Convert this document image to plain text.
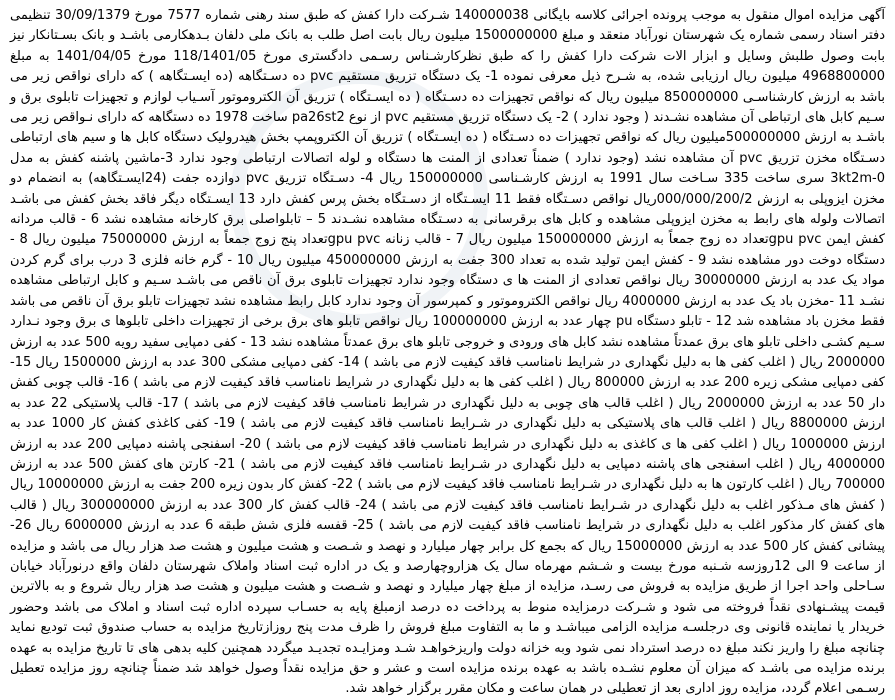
آگهی مزایده اموال منقول به موجب پرونده اجرائی کلاسه بایگانی 140000038 شـرکت دارا کفش که طبق سند رهنی شماره 7577 مورخ 30/09/1379 تنظیمی دفتر اسناد رسمی شماره یک شهرستان نورآباد منعقد و مبلغ 1500000000 میلیون ریال بابت اصل طلب به بانک ملی دلفان بـدهکارمی باشـد و بانک بسـتانکار نیز بابت وصول طلبش وسایل و ابزار الات شرکت دارا کفش را که طبق نظرکارشـناس رسـمی دادگستری مورخ 118/1401/05 مورخ 1401/04/05 به مبلغ 4968800000 میلیون ریال ارزیابی شده، به شـرح ذیل معرفی نموده 1- یک دستگاه تزریق مستقیم pvc ده دسـتگاهه (ده ایسـتگاهه ) که دارای نواقص زیر می باشد به ارزش کارشناسـی 850000000 میلیون ریال که نواقص تجهیزات ده دسـتگاه ( ده ایسـتگاه ) تزریق آن الکتروموتور آسـیاب لوازم و تجهیزات تابلوی برق و سـیم کابل های ارتباطی آن مشاهده نشـدند ( وجود ندارد ) 2- یک دستگاه تزریق مستقیم pvc از نوع pa26st2 ساخت 1978 ده دستگاهه که دارای نـواقص زیر می باشـد به ارزش 500000000میلیون ریال که نواقص تجهیزات ده دسـتگاه ( ده ایسـتگاه ) تزریق آن الکتروپمپ بخش هیدرولیک دستگاه کابل ها و سیم های ارتباطی دسـتگاه مخزن تزریق pvc آن مشاهده نشد (وجود ندارد ) ضمناً تعدادی از المنت ها دستگاه و لوله اتصالات ارتباطی وجود ندارد 3-ماشین پاشنه کفش به مدل 3kt2m-0 سری ساخت 335 سـاخت سال 1991 به ارزش کارشـناسی 150000000 ریال 4- دسـتگاه تزریق pvc دوازده جفت (24ایسـتگاهه) به انضمام دو مخزن ایزوپلی به ارزش 000/000/200/2ریال نواقص دسـتگاه فقط 11 ایسـتگاه از دسـتگاه بخش پرس کفش دارد 13 ایسـتگاه دیگر فاقد بخش کفش می باشـد اتصالات ولوله های رابط به مخزن ایزوپلی مشاهده و کابل های برقرسانی به دسـتگاه مشاهده نشـدند 5 – تابلواصلی برق کارخانه مشاهده نشد 6 - قالب مردانه کفش ایمن gpu pvcتعداد ده زوج جمعاً به ارزش 150000000 میلیون ریال 7 - قالب زنانه gpu pvcتعداد پنج زوج جمعاً به ارزش 75000000 میلیون ریال 8 - دستگاه دوخت دور مشاهده نشد 9 - کفش ایمن تولید شده به تعداد 300 جفت به ارزش 450000000 میلیون ریال 10 - گرم خانه فلزی 3 درب برای گرم کردن مواد یک عدد به ارزش 30000000 ریال نواقص تعدادی از المنت ها ی دستگاه وجود ندارد تجهیزات تابلوی برق آن ناقص می باشـد سـیم و کابل ارتباطی مشاهده نشـد 11 -مخزن باد یک عدد به ارزش 4000000 ریال نواقص الکتروموتور و کمپرسور آن وجود ندارد کابل رابط مشاهده نشد تجهیزات تابلو برق آن ناقص می باشد فقط مخزن باد مشاهده شد 12 - تابلو دستگاه pu چهار عدد به ارزش 100000000 ریال نواقص تابلو های برق برخی از تجهیزات داخلی تابلوها ی برق وجود نـدارد سـیم کشـی داخلی تابلو های برق عمدتاً مشاهده نشد کابل های ورودی و خروجی تابلو های برق عمدتاً مشاهده نشد 13 - کفی دمپایی سفید رویه 500 عدد به ارزش 2000000 ریال ( اغلب کفی ها به دلیل نگهداری در شرایط نامناسب فاقد کیفیت لازم می باشد ) 14- کفی دمپایی مشکی 300 عدد به ارزش 1500000 ریال 15- کفی دمپایی مشکی زیره 200 عدد به ارزش 800000 ریال ( اغلب کفی ها به دلیل نگهداری در شرایط نامناسب فاقد کیفیت لازم می باشد ) 16- قالب چوبی کفش دار 50 عدد به ارزش 2000000 ریال ( اغلب قالب های چوبی به دلیل نگهداری در شرایط نامناسب فاقد کیفیت لازم می باشد ) 17- قالب پلاستیکی 22 عدد به ارزش 8800000 ریال ( اغلب قالب های پلاستیکی به دلیل نگهداری در شـرایط نامناسب فاقد کیفیت لازم می باشد ) 19- کفی کاغذی کفش کار 1000 عدد به ارزش 1000000 ریال ( اغلب کفی ها ی کاغذی به دلیل نگهداری در شرایط نامناسب فاقد کیفیت لازم می باشد ) 20- اسفنجی پاشنه دمپایی 200 عدد به ارزش 4000000 ریال ( اغلب اسفنجی های پاشنه دمپایی به دلیل نگهداری در شـرایط نامناسب فاقد کیفیت لازم می باشد ) 21- کارتن های کفش 500 عدد به ارزش 700000 ریال ( اغلب کارتون ها به دلیل نگهداری در شـرایط نامناسب فاقد کیفیت لازم می باشد ) 22- کفش کار بدون زیره 200 جفت به ارزش 10000000 ریال ( کفش های مـذکور اغلب به دلیل نگهداری در شـرایط نامناسب فاقد کیفیت لازم می باشد ) 24- قالب کفش کار 300 عدد به ارزش 300000000 ریال ( قالب های کفش کار مذکور اغلب به دلیل نگهداری در شرایط نامناسب فاقد کیفیت لازم می باشد ) 25- قفسه فلزی شش طبقه 6 عدد به ارزش 6000000 ریال 26- پیشانی کفش کار 500 عدد به ارزش 15000000 ریال که بجمع کل برابر چهار میلیارد و نهصد و شـصت و هشت میلیون و هشت صد هزار ریال می باشد و مزایده از ساعت 9 الی 12روزسه شـنبه مورخ بیست و شـشم مهرماه سال یک هزاروچهارصد و یک در اداره ثبت اسناد واملاک شهرستان دلفان واقع درنورآباد خیابان سـاحلی واحد اجرا از طریق مزایده به فروش می رسـد، مزایده از مبلغ چهار میلیارد و نهصد و شـصت و هشت میلیون و هشت صد هزار ریال شروع و به بالاترین قیمت پیشـنهادی نقداً فروخته می شود و شـرکت درمزایده منوط به پرداخت ده درصد ازمبلغ پایه به حسـاب سپرده اداره ثبت اسناد و املاک می باشد وحضور خریدار یا نماینده قانونی وی درجلسـه مزایده الزامی میباشـد و ما به التفاوت مبلغ فروش را ظرف مدت پنج روزازتاریخ مزایده به حساب صندوق ثبت تودیع نماید چنانچه مبلغ را واریز نکند مبلغ ده درصد استرداد نمی شود وبه خزانه دولت واریزخواهـد شـد ومزایـده تجدیـد میگردد همچنین کلیه بدهی های تا تاریخ مزایده به عهده برنده مزایده می باشـد که میزان آن معلوم نشـده باشد به عهده برنده مزایده است و عشر و حق مزایده نقداً وصول خواهد شد ضمناً چنانچه روز مزایده تعطیل رسـمی اعلام گردد، مزایده روز اداری بعد از تعطیلی در همان ساعت و مکان مقرر برگزار خواهد شد.
